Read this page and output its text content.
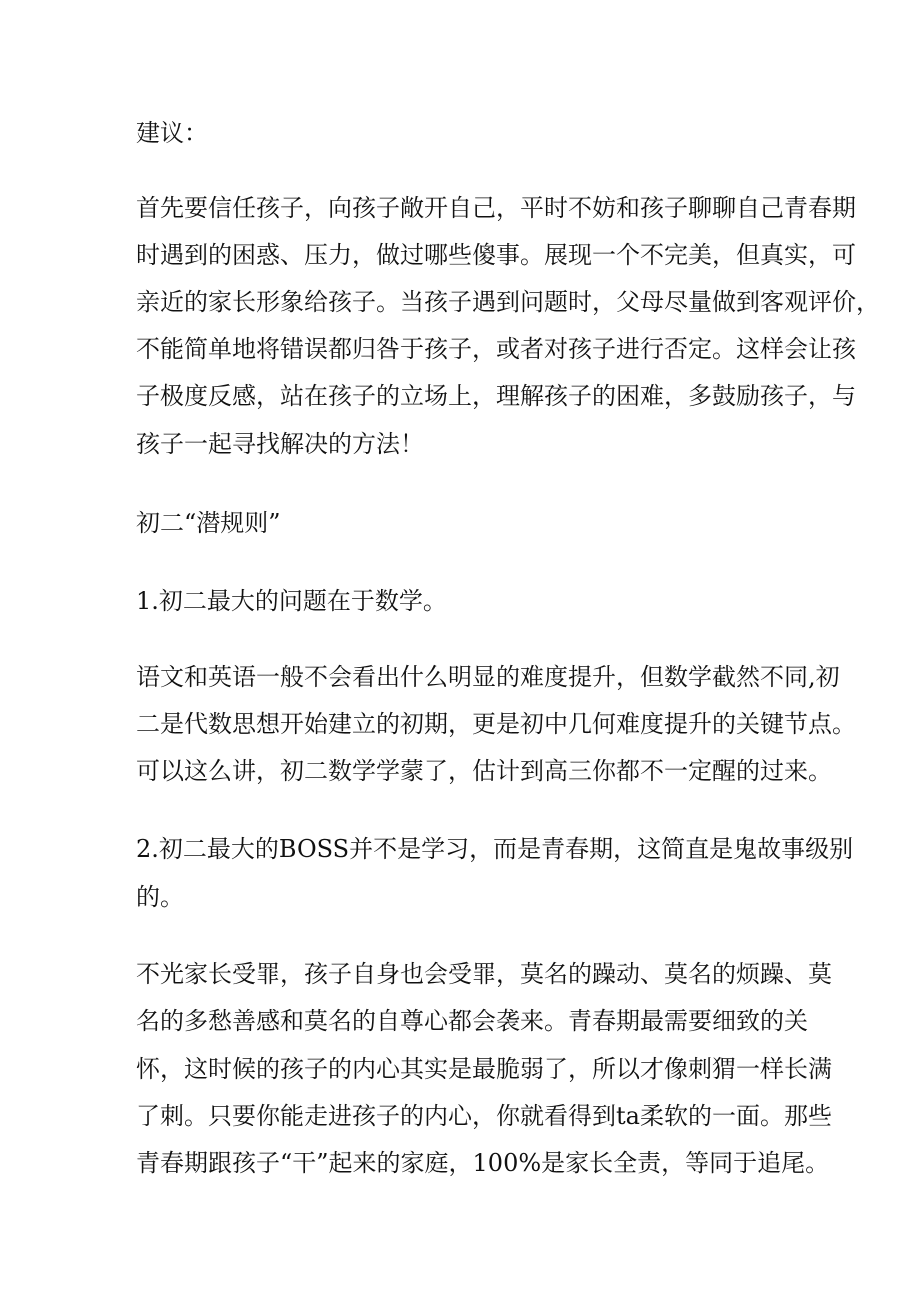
建议：
首先要信任孩子，向孩子敞开自己，平时不妨和孩子聊聊自己青春期
时遇到的困惑、压力，做过哪些傻事。展现一个不完美，但真实，可
亲近的家长形象给孩子。当孩子遇到问题时，父母尽量做到客观评价，
不能简单地将错误都归咎于孩子，或者对孩子进行否定。这样会让孩
子极度反感，站在孩子的立场上，理解孩子的困难，多鼓励孩子，与
孩子一起寻找解决的方法！
初二“潜规则”
1.初二最大的问题在于数学。
语文和英语一般不会看出什么明显的难度提升，但数学截然不同,初
二是代数思想开始建立的初期，更是初中几何难度提升的关键节点。
可以这么讲，初二数学学蒙了，估计到高三你都不一定醒的过来。
2.初二最大的BOSS并不是学习，而是青春期，这简直是鬼故事级别
的。
不光家长受罪，孩子自身也会受罪，莫名的躁动、莫名的烦躁、莫
名的多愁善感和莫名的自尊心都会袭来。青春期最需要细致的关
怀，这时候的孩子的内心其实是最脆弱了，所以才像刺猬一样长满
了刺。只要你能走进孩子的内心，你就看得到ta柔软的一面。那些
青春期跟孩子“干”起来的家庭，100%是家长全责，等同于追尾。
